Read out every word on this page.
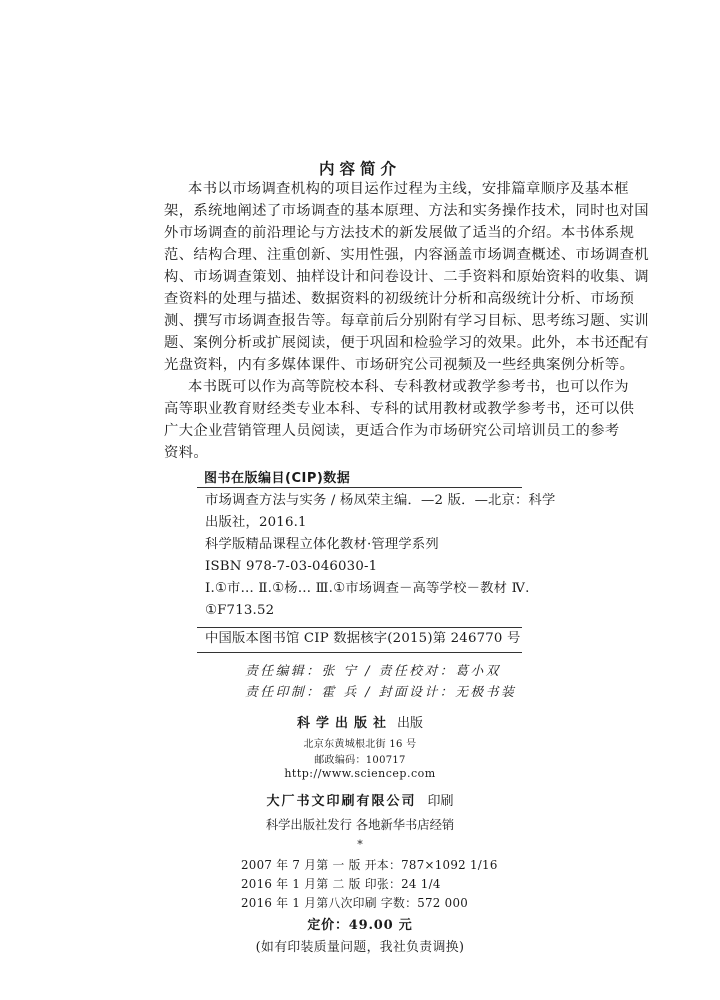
内容简介
本书以市场调查机构的项目运作过程为主线，安排篇章顺序及基本框
架，系统地阐述了市场调查的基本原理、方法和实务操作技术，同时也对国
外市场调查的前沿理论与方法技术的新发展做了适当的介绍。本书体系规
范、结构合理、注重创新、实用性强，内容涵盖市场调查概述、市场调查机
构、市场调查策划、抽样设计和问卷设计、二手资料和原始资料的收集、调
查资料的处理与描述、数据资料的初级统计分析和高级统计分析、市场预
测、撰写市场调查报告等。每章前后分别附有学习目标、思考练习题、实训
题、案例分析或扩展阅读，便于巩固和检验学习的效果。此外，本书还配有
光盘资料，内有多媒体课件、市场研究公司视频及一些经典案例分析等。
本书既可以作为高等院校本科、专科教材或教学参考书，也可以作为
高等职业教育财经类专业本科、专科的试用教材或教学参考书，还可以供
广大企业营销管理人员阅读，更适合作为市场研究公司培训员工的参考
资料。
图书在版编目(CIP)数据
市场调查方法与实务 / 杨凤荣主编．—2 版．—北京：科学
出版社，2016.1
科学版精品课程立体化教材·管理学系列
ISBN 978-7-03-046030-1
Ⅰ.①市… Ⅱ.①杨… Ⅲ.①市场调查－高等学校－教材 Ⅳ.
①F713.52
中国版本图书馆 CIP 数据核字(2015)第 246770 号
责任编辑：张 宁 / 责任校对：葛小双
责任印制：霍 兵 / 封面设计：无极书装
科学出版社 出版
北京东黄城根北街 16 号
邮政编码：100717
http://www.sciencep.com
大厂书文印刷有限公司 印刷
科学出版社发行 各地新华书店经销
*
2007 年 7 月第 一 版 开本：787×1092 1/16
2016 年 1 月第 二 版 印张：24 1/4
2016 年 1 月第八次印刷 字数：572 000
定价：49.00 元
(如有印装质量问题，我社负责调换)
